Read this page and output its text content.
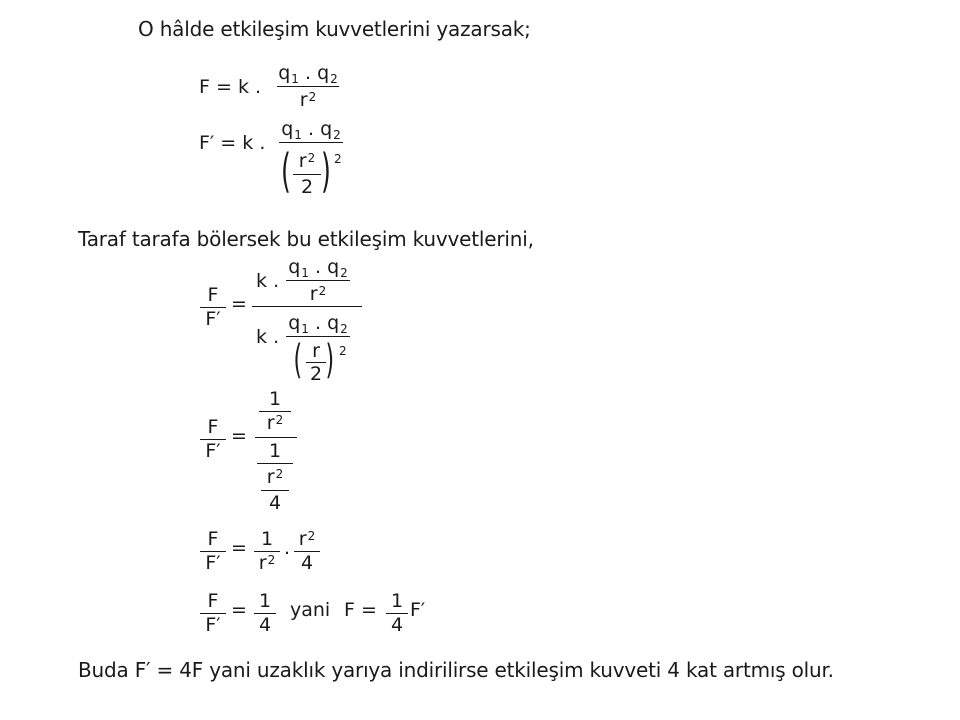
O hâlde etkileşim kuvvetlerini yazarsak;
F = k .
$q_1$ . $q_2$
$r^2$
F′ = k .
$q_1$ . $q_2$
( $r^2$
2 ) 2
Taraf tarafa bölersek bu etkileşim kuvvetlerini,
F
F′
=
k .
$q_1$ . $q_2$
$r^2$
k .
$q_1$ . $q_2$
( r
2 ) 2
F
F′
=
1
$r^2$
1
$r^2$
4
F
F′
= 1
$r^2$
. $r^2$
4
F
F′
= 1
4
yani F = 1
4
F′
Buda F′ = 4F yani uzaklık yarıya indirilirse etkileşim kuvveti 4 kat artmış olur.
